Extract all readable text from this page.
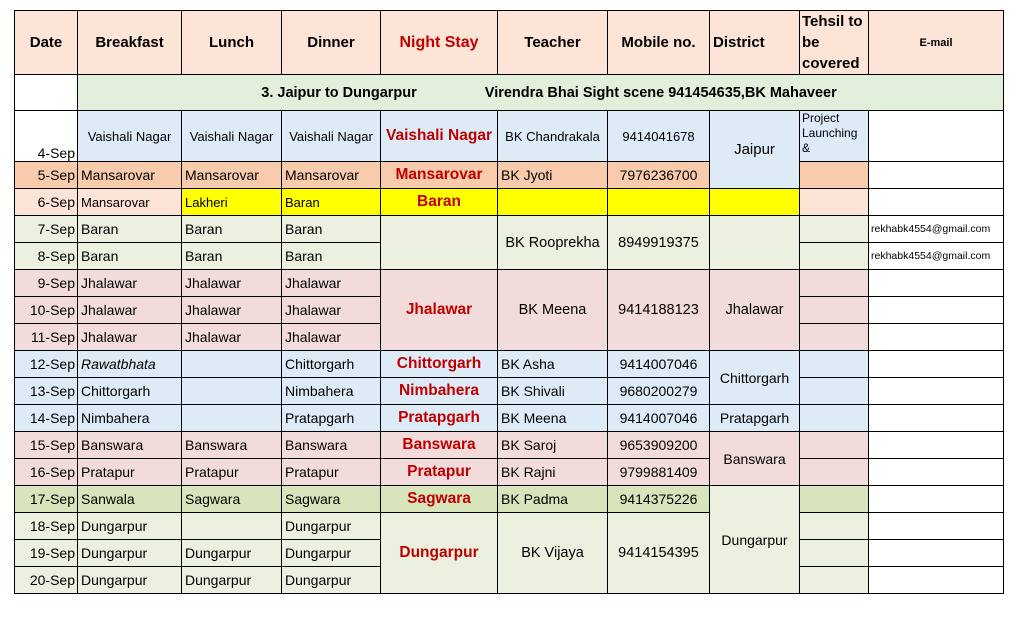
Date	Breakfast	Lunch	Dinner	Night Stay	Teacher	Mobile no.	District	Tehsil to
be
covered	E-mail
	3. Jaipur to Dungarpur Virendra Bhai Sight scene 941454635,BK Mahaveer								
4-Sep	Vaishali Nagar	Vaishali Nagar	Vaishali Nagar	Vaishali Nagar	BK Chandrakala	9414041678	Jaipur	Project Launching &	
5-Sep	Mansarovar	Mansarovar	Mansarovar	Mansarovar	BK Jyoti	7976236700			
6-Sep	Mansarovar	Lakheri	Baran	Baran					
7-Sep	Baran	Baran	Baran		BK Rooprekha	8949919375			rekhabk4554@gmail.com
8-Sep	Baran	Baran	Baran						rekhabk4554@gmail.com
9-Sep	Jhalawar	Jhalawar	Jhalawar	Jhalawar	BK Meena	9414188123	Jhalawar		
10-Sep	Jhalawar	Jhalawar	Jhalawar						
11-Sep	Jhalawar	Jhalawar	Jhalawar						
12-Sep	Rawatbhata		Chittorgarh	Chittorgarh	BK Asha	9414007046	Chittorgarh		
13-Sep	Chittorgarh		Nimbahera	Nimbahera	BK Shivali	9680200279			
14-Sep	Nimbahera		Pratapgarh	Pratapgarh	BK Meena	9414007046	Pratapgarh		
15-Sep	Banswara	Banswara	Banswara	Banswara	BK Saroj	9653909200	Banswara		
16-Sep	Pratapur	Pratapur	Pratapur	Pratapur	BK Rajni	9799881409			
17-Sep	Sanwala	Sagwara	Sagwara	Sagwara	BK Padma	9414375226	Dungarpur		
18-Sep	Dungarpur		Dungarpur	Dungarpur	BK Vijaya	9414154395			
19-Sep	Dungarpur	Dungarpur	Dungarpur						
20-Sep	Dungarpur	Dungarpur	Dungarpur						
